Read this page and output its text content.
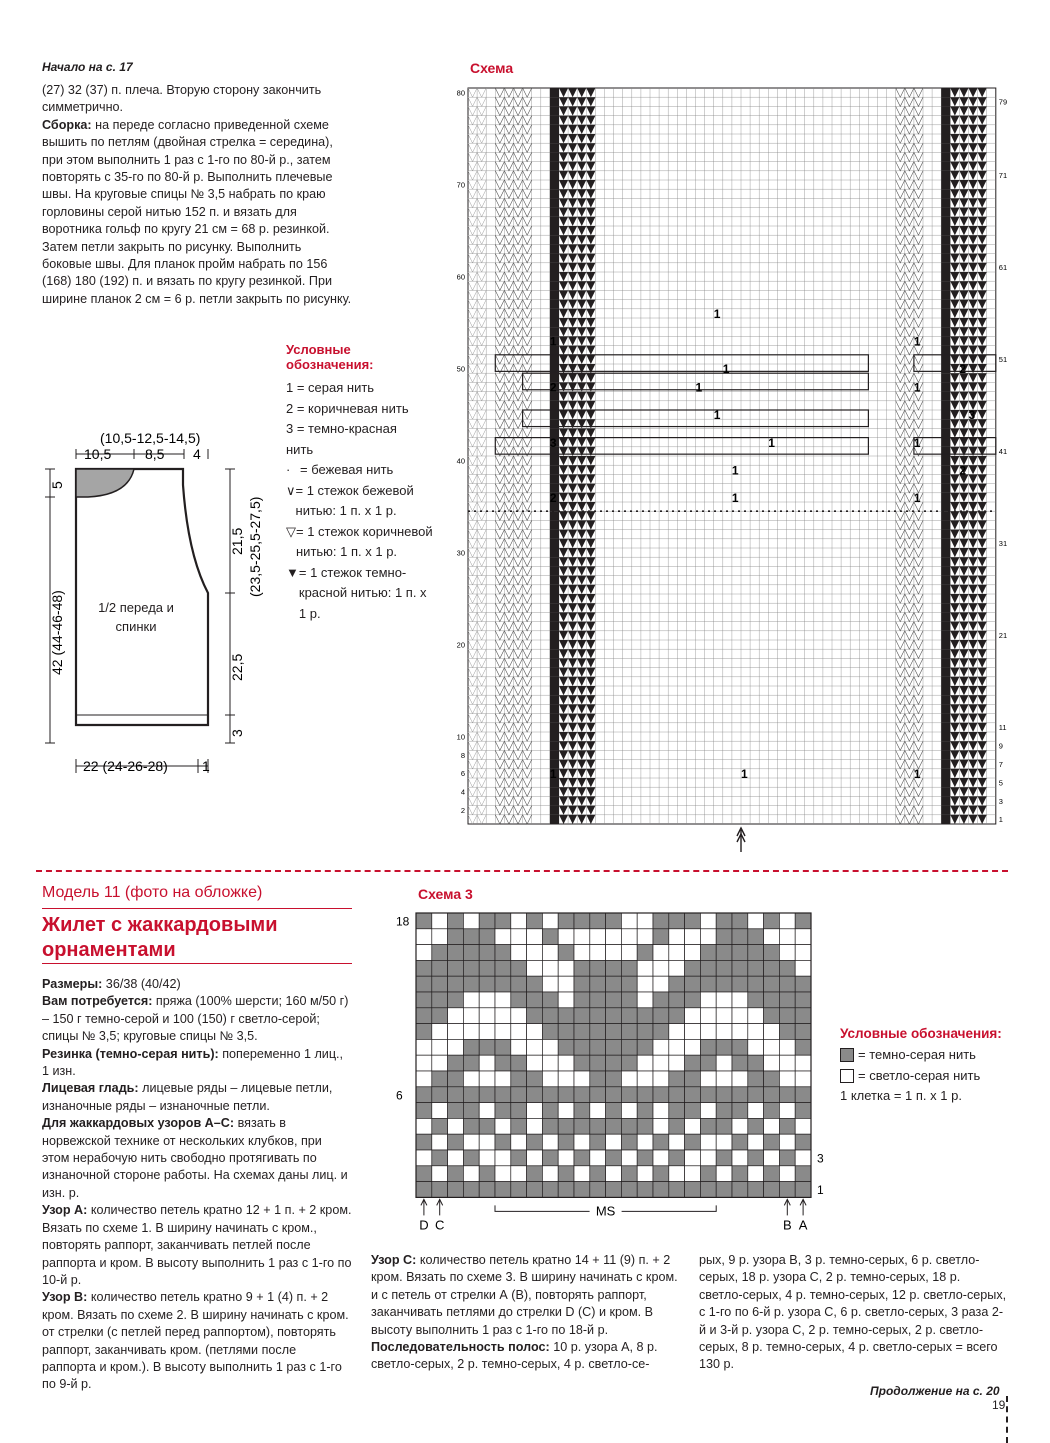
Начало на с. 17

(27) 32 (37) п. плеча. Вторую сторону закончить симметрично.

Сборка: на переде согласно приведенной схеме вышить по петлям (двойная стрелка = середина), при этом выполнить 1 раз с 1-го по 80-й р., затем повторять с 35-го по 80-й р. Выполнить плечевые швы. На круговые спицы № 3,5 набрать по краю горловины серой нитью 152 п. и вязать для воротника гольф по кругу 21 см = 68 р. резинкой. Затем петли закрыть по рисунку. Выполнить боковые швы. Для планок пройм набрать по 156 (168) 180 (192) п. и вязать по кругу резинкой. При ширине планок 2 см = 6 р. петли закрыть по рисунку.

Условные обозначения:
1 = серая нить
2 = коричневая нить
3 = темно-красная нить
· = бежевая нить
∨ = 1 стежок бежевой нитью: 1 п. х 1 р.
▽ = 1 стежок коричневой нитью: 1 п. х 1 р.
▼ = 1 стежок темно-красной нитью: 1 п. х 1 р.
(10,5-12,5-14,5)
10,5 8,5 4
5
42 (44-46-48)
21,5 (23,5-25,5-27,5)
22,5
3
22 (24-26-28) 1
1/2 переда и спинки
Схема
80
70
60
50
40
30
20
10
8
6
4
2
79
71
61
51
41
31
21
11
9
7
5
3
1
1
1	1
1	2
2	1	1
1	3
3	1	1
1	2
2	1	1
1	1	1
Модель 11 (фото на обложке)
Жилет с жаккардовыми орнаментами

Размеры: 36/38 (40/42)

Вам потребуется: пряжа (100% шерсти; 160 м/50 г) – 150 г темно-серой и 100 (150) г светло-серой; спицы № 3,5; круговые спицы № 3,5.

Резинка (темно-серая нить): попеременно 1 лиц., 1 изн.

Лицевая гладь: лицевые ряды – лицевые петли, изнаночные ряды – изнаночные петли.

Для жаккардовых узоров А–С: вязать в норвежской технике от нескольких клубков, при этом нерабочую нить свободно протягивать по изнаночной стороне работы. На схемах даны лиц. и изн. р.

Узор А: количество петель кратно 12 + 1 п. + 2 кром. Вязать по схеме 1. В ширину начинать с кром., повторять раппорт, заканчивать петлей после раппорта и кром. В высоту выполнить 1 раз с 1-го по 10-й р.

Узор В: количество петель кратно 9 + 1 (4) п. + 2 кром. Вязать по схеме 2. В ширину начинать с кром. от стрелки (с петлей перед раппортом), повторять раппорт, заканчивать кром. (петлями после раппорта и кром.). В высоту выполнить 1 раз с 1-го по 9-й р.

Схема 3
18
6
3
1
D C	B A
MS
Условные обозначения:
= темно-серая нить
= светло-серая нить
1 клетка = 1 п. х 1 р.

Узор С: количество петель кратно 14 + 11 (9) п. + 2 кром. Вязать по схеме 3. В ширину начинать с кром. и с петель от стрелки А (В), повторять раппорт, заканчивать петлями до стрелки D (C) и кром. В высоту выполнить 1 раз с 1-го по 18-й р.

Последовательность полос: 10 р. узора А, 8 р. светло-серых, 2 р. темно-серых, 4 р. светло-се-

рых, 9 р. узора В, 3 р. темно-серых, 6 р. светло-серых, 18 р. узора С, 2 р. темно-серых, 18 р. светло-серых, 4 р. темно-серых, 12 р. светло-серых, с 1-го по 6-й р. узора С, 6 р. светло-серых, 3 раза 2-й и 3-й р. узора С, 2 р. темно-серых, 2 р. светло-серых, 8 р. темно-серых, 4 р. светло-серых = всего 130 р.
Продолжение на с. 20
19
